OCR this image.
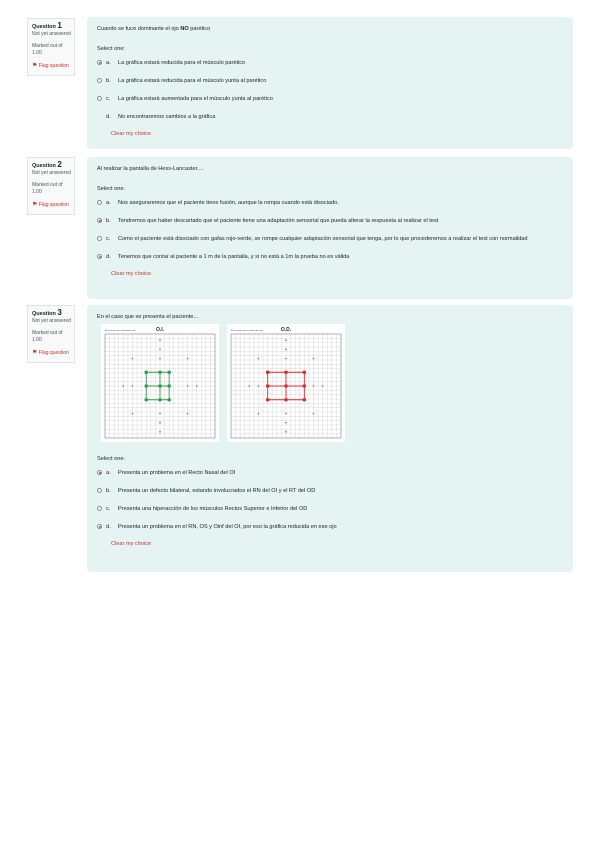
Question 1
Not yet answered
Marked out of 1.00
⚑ Flag question
Cuando se fuce dominante el ojo NO parético
Select one:
a.	La gráfica estará reducida para el músculo parético
b.	La gráfica estará reducida para el músculo yunta al parético
c.	La gráfica estará aumentada para el músculo yunta al parético
d.	No encontraremos cambios a la gráfica
Clear my choice
Question 2
Not yet answered
Marked out of 1.00
⚑ Flag question
Al realizar la pantalla de Hess-Lancaster....
Select one:
a.	Nos aseguraremos que el paciente tiene fusión, aunque la rompa cuando está disociado.
b.	Tendremos que haber descartado que el paciente tiene una adaptación sensorial que pueda alterar la respuesta al realizar el test
c.	Como el paciente está disociado con gafas rojo-verde, se rompe cualquier adaptación sensorial que tenga, por lo que procederemos a realizar el test con normalidad
d.	Tenemos que contar al paciente a 1 m de la pantalla, y si no está a 1m la prueba no es válida
Clear my choice
Question 3
Not yet answered
Marked out of 1.00
⚑ Flag question
En el caso que se presenta el paciente...
O.I.
El paciente mira utilizando este	O.D.
El paciente mira a través de este
Select one:
a.	Presenta un problema en el Recto Nasal del OI
b.	Presenta un defecto bilateral, estando involucrados el RN del OI y el RT del OD
c.	Presenta una hiperacción de los músculos Rectos Superior e Inferior del OD
d.	Presenta un problema en el RN, OS y Oinf del OI, por eso la gráfica reducida en ese ojo
Clear my choice
